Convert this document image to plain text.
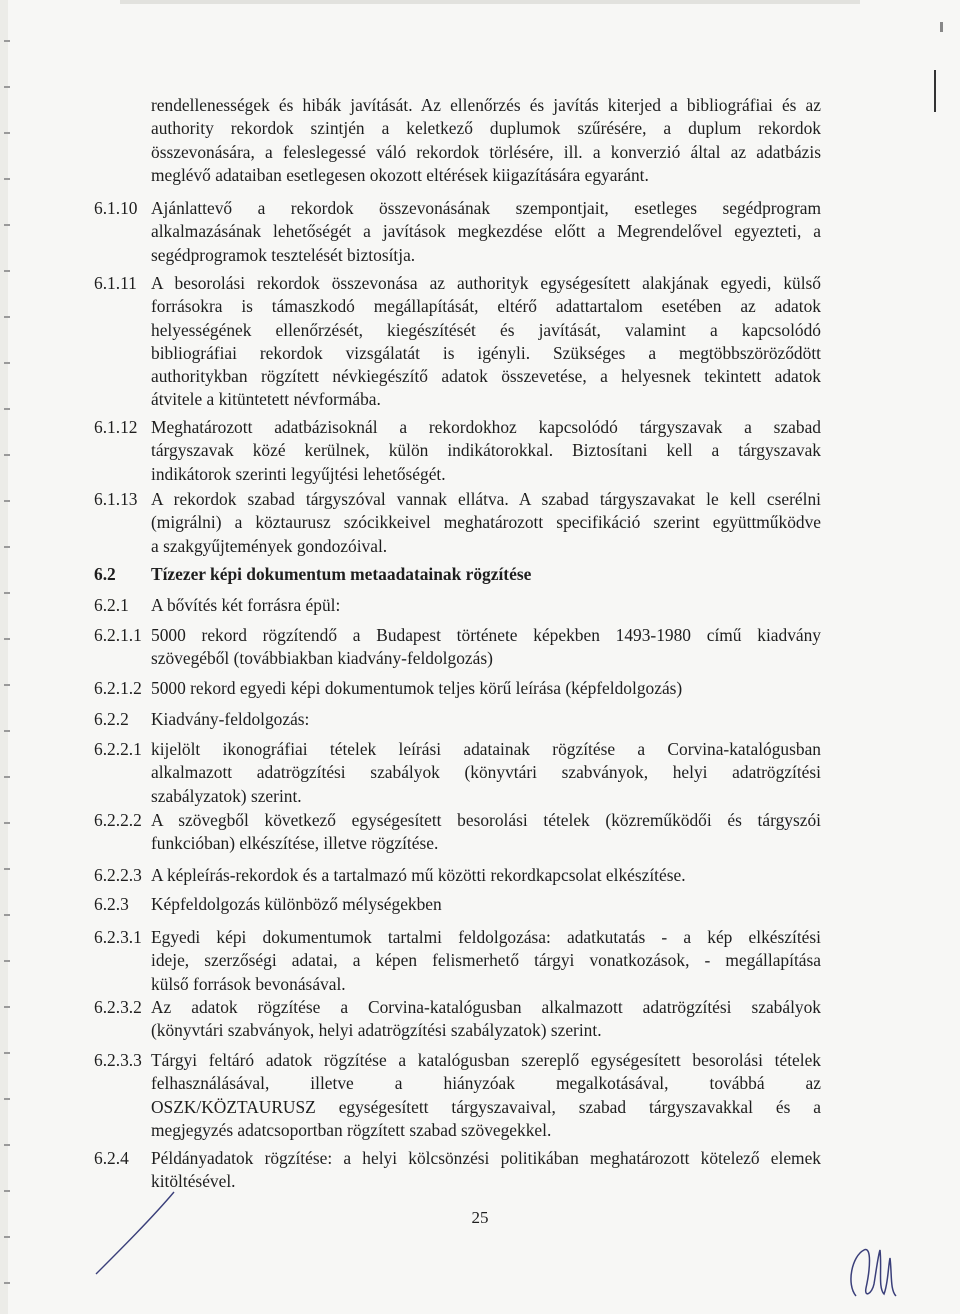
rendellenességek és hibák javítását. Az ellenőrzés és javítás kiterjed a bibliográfiai és az
authority rekordok szintjén a keletkező duplumok szűrésére, a duplum rekordok
összevonására, a feleslegessé váló rekordok törlésére, ill. a konverzió által az adatbázis
meglévő adataiban esetlegesen okozott eltérések kiigazítására egyaránt.
6.1.10 Ajánlattevő a rekordok összevonásának szempontjait, esetleges segédprogram
alkalmazásának lehetőségét a javítások megkezdése előtt a Megrendelővel egyezteti, a
segédprogramok tesztelését biztosítja.
6.1.11 A besorolási rekordok összevonása az authorityk egységesített alakjának egyedi, külső
forrásokra is támaszkodó megállapítását, eltérő adattartalom esetében az adatok
helyességének ellenőrzését, kiegészítését és javítását, valamint a kapcsolódó
bibliográfiai rekordok vizsgálatát is igényli. Szükséges a megtöbbszöröződött
authoritykban rögzített névkiegészítő adatok összevetése, a helyesnek tekintett adatok
átvitele a kitüntetett névformába.
6.1.12 Meghatározott adatbázisoknál a rekordokhoz kapcsolódó tárgyszavak a szabad
tárgyszavak közé kerülnek, külön indikátorokkal. Biztosítani kell a tárgyszavak
indikátorok szerinti legyűjtési lehetőségét.
6.1.13 A rekordok szabad tárgyszóval vannak ellátva. A szabad tárgyszavakat le kell cserélni
(migrálni) a köztaurusz szócikkeivel meghatározott specifikáció szerint együttműködve
a szakgyűjtemények gondozóival.
6.2 Tízezer képi dokumentum metaadatainak rögzítése
6.2.1 A bővítés két forrásra épül:
6.2.1.1 5000 rekord rögzítendő a Budapest története képekben 1493-1980 című kiadvány
szövegéből (továbbiakban kiadvány-feldolgozás)
6.2.1.2 5000 rekord egyedi képi dokumentumok teljes körű leírása (képfeldolgozás)
6.2.2 Kiadvány-feldolgozás:
6.2.2.1 kijelölt ikonográfiai tételek leírási adatainak rögzítése a Corvina-katalógusban
alkalmazott adatrögzítési szabályok (könyvtári szabványok, helyi adatrögzítési
szabályzatok) szerint.
6.2.2.2 A szövegből következő egységesített besorolási tételek (közreműködői és tárgyszói
funkcióban) elkészítése, illetve rögzítése.
6.2.2.3 A képleírás-rekordok és a tartalmazó mű közötti rekordkapcsolat elkészítése.
6.2.3 Képfeldolgozás különböző mélységekben
6.2.3.1 Egyedi képi dokumentumok tartalmi feldolgozása: adatkutatás - a kép elkészítési
ideje, szerzőségi adatai, a képen felismerhető tárgyi vonatkozások, - megállapítása
külső források bevonásával.
6.2.3.2 Az adatok rögzítése a Corvina-katalógusban alkalmazott adatrögzítési szabályok
(könyvtári szabványok, helyi adatrögzítési szabályzatok) szerint.
6.2.3.3 Tárgyi feltáró adatok rögzítése a katalógusban szereplő egységesített besorolási tételek
felhasználásával, illetve a hiányzóak megalkotásával, továbbá az
OSZK/KÖZTAURUSZ egységesített tárgyszavaival, szabad tárgyszavakkal és a
megjegyzés adatcsoportban rögzített szabad szövegekkel.
6.2.4 Példányadatok rögzítése: a helyi kölcsönzési politikában meghatározott kötelező elemek
kitöltésével.
25
